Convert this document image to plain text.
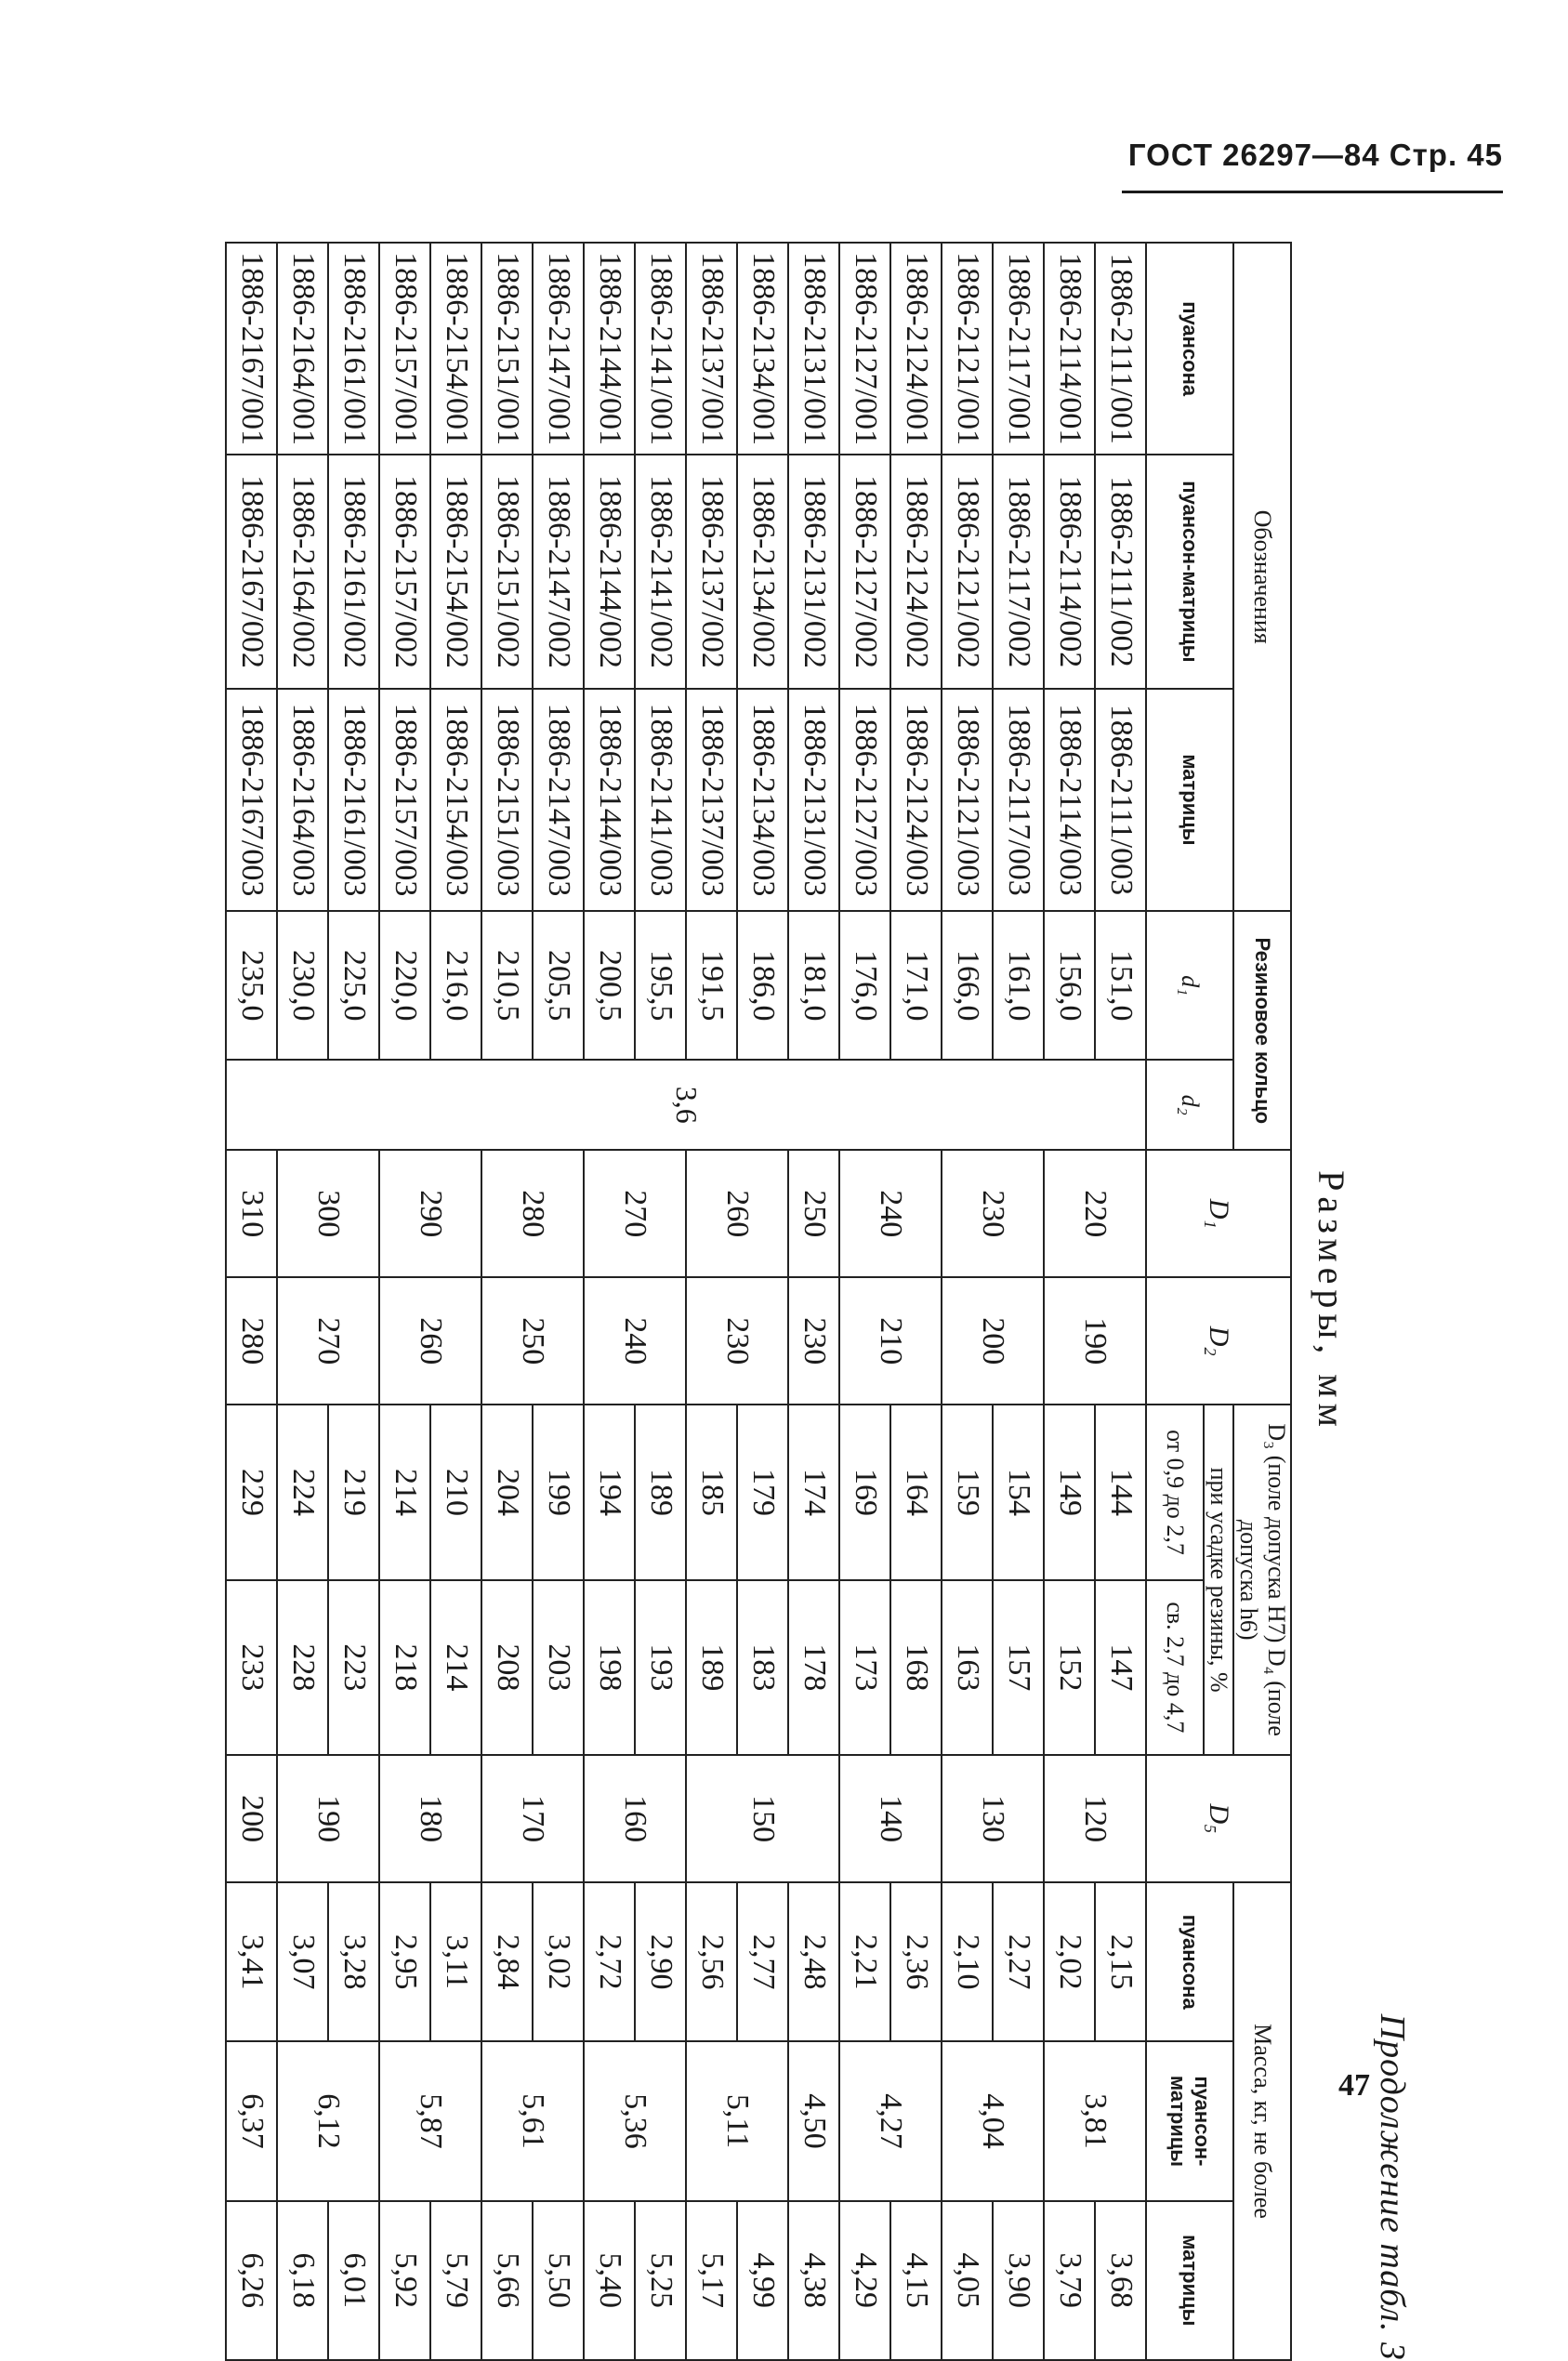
ГОСТ 26297—84 Стр. 45
Продолжение табл. 3
Размеры, мм
Обозначения			Резиновое кольцо		D₁	D₂	D₃ (поле допуска H7) D₄ (поле допуска h6)		D₅	Масса, кг, не более		
пуансона	пуансон-матрицы	матрицы	d₁	d₂			при усадке резины, %			пуансона	пуансон-матрицы	матрицы
							от 0,9 до 2,7	св. 2,7 до 4,7				
1886-2111/001	1886-2111/002	1886-2111/003	151,0	3,6	220	190	144	147	120	2,15	3,81	3,68
1886-2114/001	1886-2114/002	1886-2114/003	156,0				149	152		2,02		3,79
1886-2117/001	1886-2117/002	1886-2117/003	161,0		230	200	154	157	130	2,27	4,04	3,90
1886-2121/001	1886-2121/002	1886-2121/003	166,0				159	163		2,10		4,05
1886-2124/001	1886-2124/002	1886-2124/003	171,0		240	210	164	168	140	2,36	4,27	4,15
1886-2127/001	1886-2127/002	1886-2127/003	176,0				169	173		2,21		4,29
1886-2131/001	1886-2131/002	1886-2131/003	181,0		250	230	174	178	150	2,48	4,50	4,38
1886-2134/001	1886-2134/002	1886-2134/003	186,0		260	230	179	183		2,77	5,11	4,99
1886-2137/001	1886-2137/002	1886-2137/003	191,5				185	189		2,56		5,17
1886-2141/001	1886-2141/002	1886-2141/003	195,5		270	240	189	193	160	2,90	5,36	5,25
1886-2144/001	1886-2144/002	1886-2144/003	200,5				194	198		2,72		5,40
1886-2147/001	1886-2147/002	1886-2147/003	205,5		280	250	199	203	170	3,02	5,61	5,50
1886-2151/001	1886-2151/002	1886-2151/003	210,5				204	208		2,84		5,66
1886-2154/001	1886-2154/002	1886-2154/003	216,0		290	260	210	214	180	3,11	5,87	5,79
1886-2157/001	1886-2157/002	1886-2157/003	220,0				214	218		2,95		5,92
1886-2161/001	1886-2161/002	1886-2161/003	225,0		300	270	219	223	190	3,28	6,12	6,01
1886-2164/001	1886-2164/002	1886-2164/003	230,0				224	228		3,07		6,18
1886-2167/001	1886-2167/002	1886-2167/003	235,0		310	280	229	233	200	3,41	6,37	6,26
47
